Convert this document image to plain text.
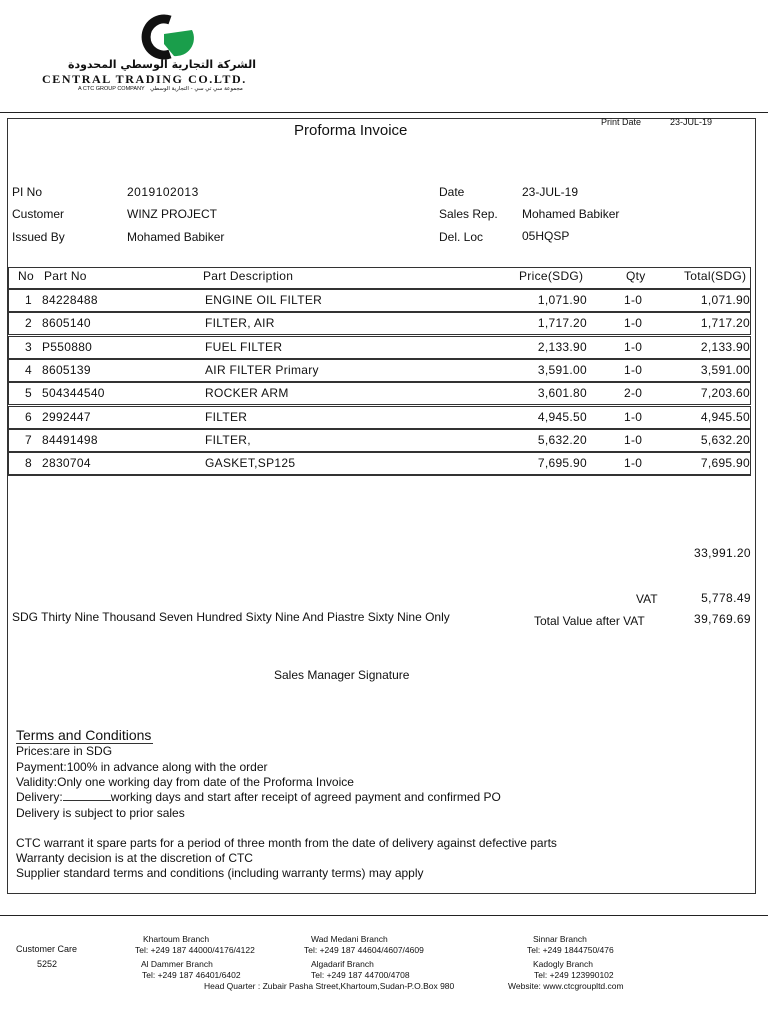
الشركة التجارية الوسطي المحدودة
CENTRAL TRADING CO.LTD.
A CTC GROUP COMPANY مجموعة سي تي سي - التجارية الوسطي
Proforma Invoice	Print Date	23-JUL-19
PI No	2019102013
Customer	WINZ PROJECT
Issued By	Mohamed Babiker
Date	23-JUL-19
Sales Rep. Mohamed Babiker
Del. Loc	05HQSP
No Part No	Part Description	Price(SDG)	Qty	Total(SDG)
1 84228488	ENGINE OIL FILTER	1,071.90	1-0	1,071.90
2 8605140	FILTER, AIR	1,717.20	1-0	1,717.20
3 P550880	FUEL FILTER	2,133.90	1-0	2,133.90
4 8605139	AIR FILTER Primary	3,591.00	1-0	3,591.00
5 504344540	ROCKER ARM	3,601.80	2-0	7,203.60
6 2992447	FILTER	4,945.50	1-0	4,945.50
7 84491498	FILTER,	5,632.20	1-0	5,632.20
8 2830704	GASKET,SP125	7,695.90	1-0	7,695.90
33,991.20
VAT	5,778.49
SDG Thirty Nine Thousand Seven Hundred Sixty Nine And Piastre Sixty Nine Only	Total Value after VAT	39,769.69
Sales Manager Signature
Terms and Conditions
Prices:are in SDG
Payment:100% in advance along with the order
Validity:Only one working day from date of the Proforma Invoice
Delivery:	working days and start after receipt of agreed payment and confirmed PO
Delivery is subject to prior sales
CTC warrant it spare parts for a period of three month from the date of delivery against defective parts
Warranty decision is at the discretion of CTC
Supplier standard terms and conditions (including warranty terms) may apply
Customer Care
5252
Khartoum Branch
Tel: +249 187 44000/4176/4122
Al Dammer Branch
Tel: +249 187 46401/6402
Wad Medani Branch
Tel: +249 187 44604/4607/4609
Algadarif Branch
Tel: +249 187 44700/4708
Sinnar Branch
Tel: +249 1844750/476
Kadogly Branch
Tel: +249 123990102
Head Quarter : Zubair Pasha Street,Khartoum,Sudan-P.O.Box 980	Website: www.ctcgroupltd.com
